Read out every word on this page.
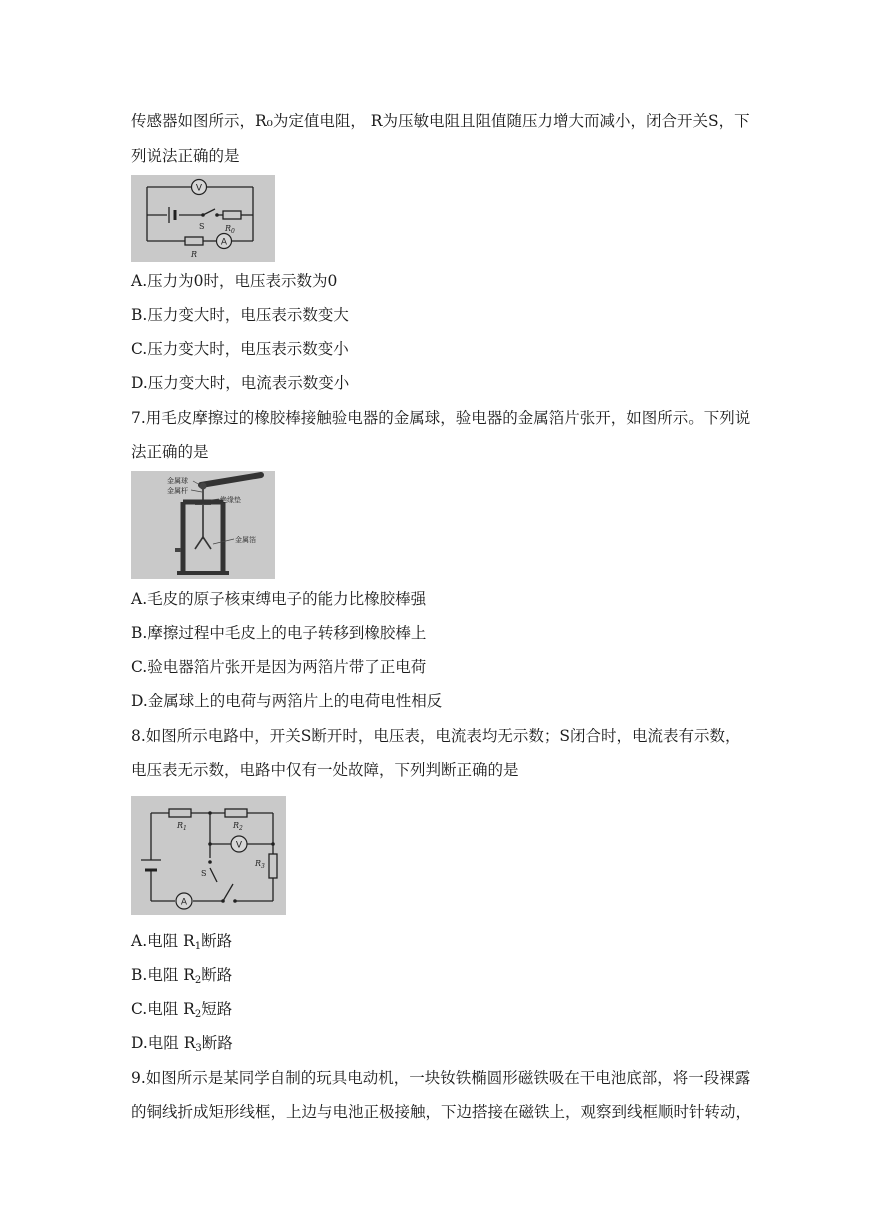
传感器如图所示，R₀为定值电阻， R为压敏电阻且阻值随压力增大而减小，闭合开关S，下
列说法正确的是
V
A
S	$R_0$
R
A.压力为0时，电压表示数为0
B.压力变大时，电压表示数变大
C.压力变大时，电压表示数变小
D.压力变大时，电流表示数变小
7.用毛皮摩擦过的橡胶棒接触验电器的金属球，验电器的金属箔片张开，如图所示。下列说
法正确的是
金属球
金属杆
绝缘垫
金属箔
A.毛皮的原子核束缚电子的能力比橡胶棒强
B.摩擦过程中毛皮上的电子转移到橡胶棒上
C.验电器箔片张开是因为两箔片带了正电荷
D.金属球上的电荷与两箔片上的电荷电性相反
8.如图所示电路中，开关S断开时，电压表，电流表均无示数；S闭合时，电流表有示数，
电压表无示数，电路中仅有一处故障，下列判断正确的是
V
A
$R_1$	$R_2$
$R_3$
S
A.电阻 $R_1$断路
B.电阻 $R_2$断路
C.电阻 $R_2$短路
D.电阻 $R_3$断路
9.如图所示是某同学自制的玩具电动机，一块钕铁椭圆形磁铁吸在干电池底部，将一段裸露
的铜线折成矩形线框，上边与电池正极接触，下边搭接在磁铁上，观察到线框顺时针转动，
